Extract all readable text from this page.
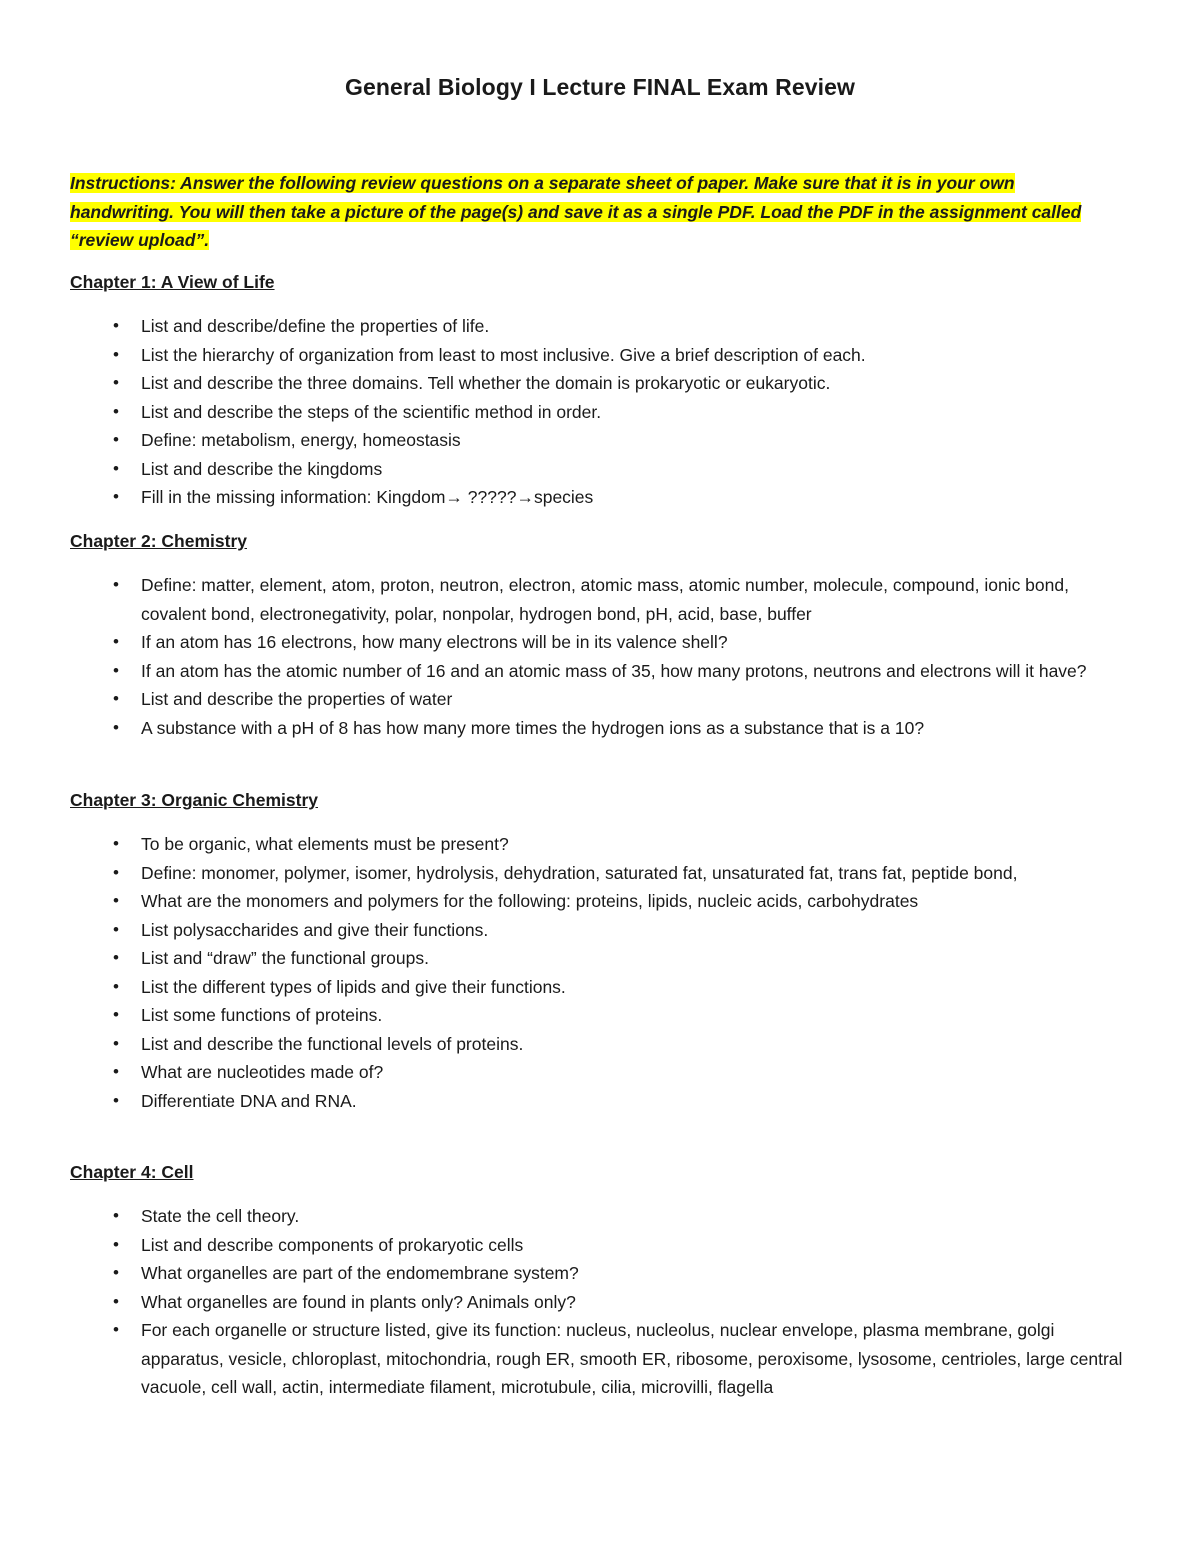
General Biology I Lecture FINAL Exam Review
Instructions: Answer the following review questions on a separate sheet of paper. Make sure that it is in your own handwriting. You will then take a picture of the page(s) and save it as a single PDF. Load the PDF in the assignment called “review upload”.

Chapter 1: A View of Life

• List and describe/define the properties of life.
• List the hierarchy of organization from least to most inclusive. Give a brief description of each.
• List and describe the three domains. Tell whether the domain is prokaryotic or eukaryotic.
• List and describe the steps of the scientific method in order.
• Define: metabolism, energy, homeostasis
• List and describe the kingdoms
• Fill in the missing information: Kingdom→ ?????→species

Chapter 2: Chemistry

• Define: matter, element, atom, proton, neutron, electron, atomic mass, atomic number, molecule, compound, ionic bond, covalent bond, electronegativity, polar, nonpolar, hydrogen bond, pH, acid, base, buffer
• If an atom has 16 electrons, how many electrons will be in its valence shell?
• If an atom has the atomic number of 16 and an atomic mass of 35, how many protons, neutrons and electrons will it have?
• List and describe the properties of water
• A substance with a pH of 8 has how many more times the hydrogen ions as a substance that is a 10?

Chapter 3: Organic Chemistry

• To be organic, what elements must be present?
• Define: monomer, polymer, isomer, hydrolysis, dehydration, saturated fat, unsaturated fat, trans fat, peptide bond,
• What are the monomers and polymers for the following: proteins, lipids, nucleic acids, carbohydrates
• List polysaccharides and give their functions.
• List and “draw” the functional groups.
• List the different types of lipids and give their functions.
• List some functions of proteins.
• List and describe the functional levels of proteins.
• What are nucleotides made of?
• Differentiate DNA and RNA.

Chapter 4: Cell

• State the cell theory.
• List and describe components of prokaryotic cells
• What organelles are part of the endomembrane system?
• What organelles are found in plants only? Animals only?
• For each organelle or structure listed, give its function: nucleus, nucleolus, nuclear envelope, plasma membrane, golgi apparatus, vesicle, chloroplast, mitochondria, rough ER, smooth ER, ribosome, peroxisome, lysosome, centrioles, large central vacuole, cell wall, actin, intermediate filament, microtubule, cilia, microvilli, flagella
